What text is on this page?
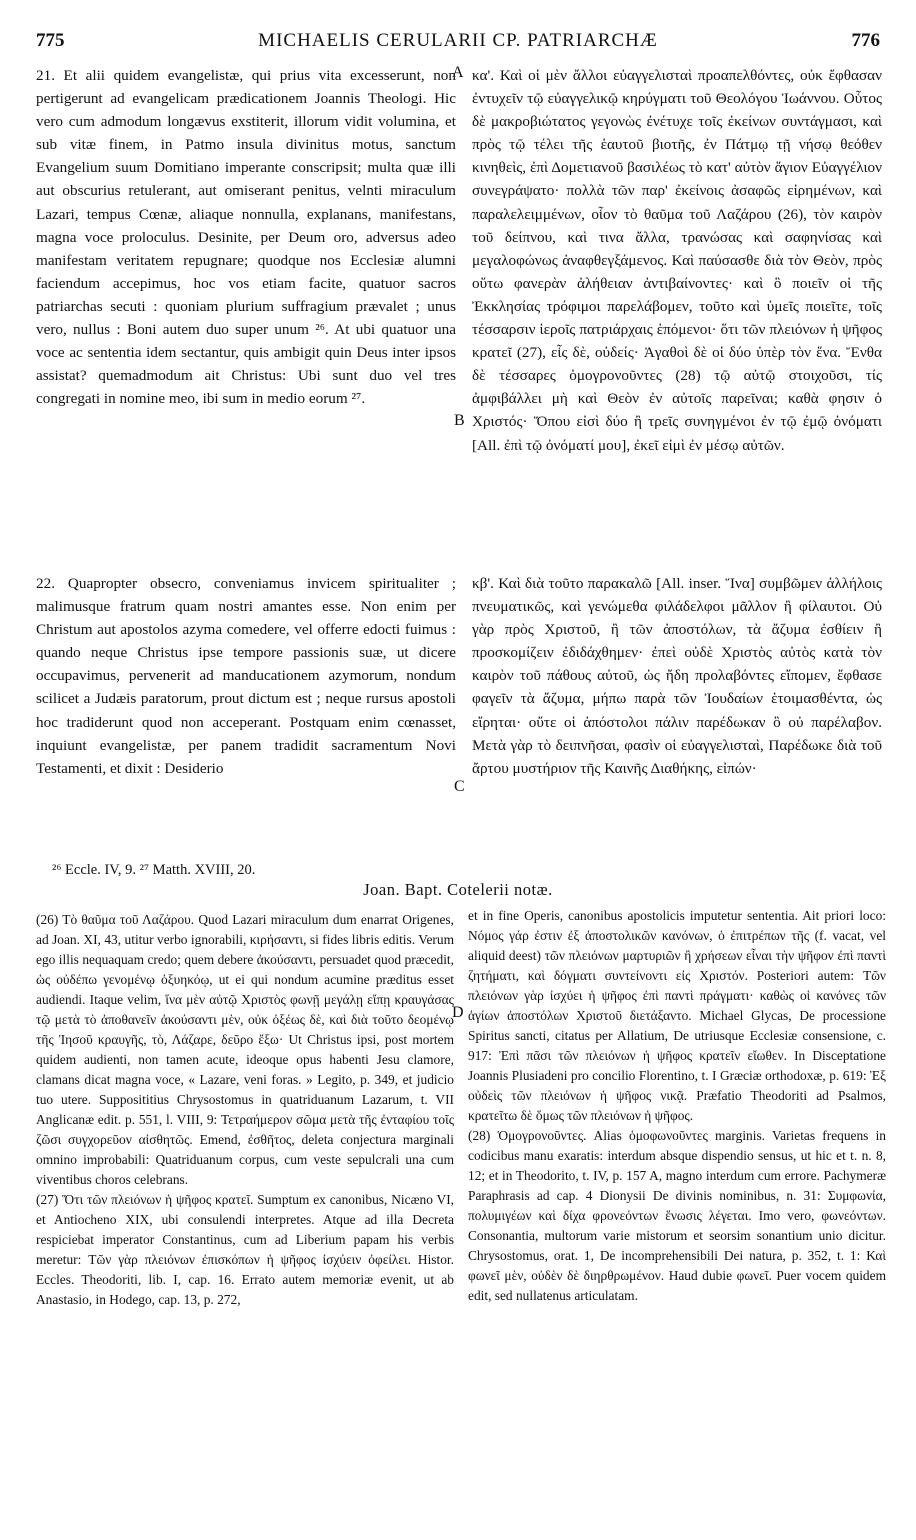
775	MICHAELIS CERULARII CP. PATRIARCHÆ	776

21. Et alii quidem evangelistæ, qui prius vita excesserunt, non pertigerunt ad evangelicam prædicationem Joannis Theologi. Hic vero cum admodum longævus exstiterit, illorum vidit volumina, et sub vitæ finem, in Patmo insula divinitus motus, sanctum Evangelium suum Domitiano imperante conscripsit; multa quæ illi aut obscurius retulerant, aut omiserant penitus, velnti miraculum Lazari, tempus Cœnæ, aliaque nonnulla, explanans, manifestans, magna voce proloculus. Desinite, per Deum oro, adversus adeo manifestam veritatem repugnare; quodque nos Ecclesiæ alumni faciendum accepimus, hoc vos etiam facite, quatuor sacros patriarchas secuti : quoniam plurium suffragium prævalet ; unus vero, nullus : Boni autem duo super unum ²⁶. At ubi quatuor una voce ac sententia idem sectantur, quis ambigit quin Deus inter ipsos assistat? quemadmodum ait Christus: Ubi sunt duo vel tres congregati in nomine meo, ibi sum in medio eorum ²⁷.

22. Quapropter obsecro, conveniamus invicem spiritualiter ; malimusque fratrum quam nostri amantes esse. Non enim per Christum aut apostolos azyma comedere, vel offerre edocti fuimus : quando neque Christus ipse tempore passionis suæ, ut dicere occupavimus, pervenerit ad manducationem azymorum, nondum scilicet a Judæis paratorum, prout dictum est ; neque rursus apostoli hoc tradiderunt quod non acceperant. Postquam enim cœnasset, inquiunt evangelistæ, per panem tradidit sacramentum Novi Testamenti, et dixit : Desiderio

κα'. Καὶ οἱ μὲν ἄλλοι εὐαγγελισταὶ προαπελθόντες, οὐκ ἔφθασαν ἐντυχεῖν τῷ εὐαγγελικῷ κηρύγματι τοῦ Θεολόγου Ἰωάννου. Οὗτος δὲ μακροβιώτατος γεγονὼς ἐνέτυχε τοῖς ἐκείνων συντάγμασι, καὶ πρὸς τῷ τέλει τῆς ἑαυτοῦ βιοτῆς, ἐν Πάτμῳ τῇ νήσῳ θεόθεν κινηθεὶς, ἐπὶ Δομετιανοῦ βασιλέως τὸ κατ' αὐτὸν ἅγιον Εὐαγγέλιον συνεγράψατο· πολλὰ τῶν παρ' ἐκείνοις ἀσαφῶς εἰρημένων, καὶ παραλελειμμένων, οἷον τὸ θαῦμα τοῦ Λαζάρου (26), τὸν καιρὸν τοῦ δείπνου, καὶ τινα ἄλλα, τρανώσας καὶ σαφηνίσας καὶ μεγαλοφώνως ἀναφθεγξάμενος. Καὶ παύσασθε διὰ τὸν Θεὸν, πρὸς οὕτω φανερὰν ἀλήθειαν ἀντιβαίνοντες· καὶ ὃ ποιεῖν οἱ τῆς Ἐκκλησίας τρόφιμοι παρελάβομεν, τοῦτο καὶ ὑμεῖς ποιεῖτε, τοῖς τέσσαρσιν ἱεροῖς πατριάρχαις ἑπόμενοι· ὅτι τῶν πλειόνων ἡ ψῆφος κρατεῖ (27), εἷς δὲ, οὐδείς· Ἀγαθοὶ δὲ οἱ δύο ὑπὲρ τὸν ἕνα. Ἔνθα δὲ τέσσαρες ὁμογρονοῦντες (28) τῷ αὐτῷ στοιχοῦσι, τίς ἀμφιβάλλει μὴ καὶ Θεὸν ἐν αὐτοῖς παρεῖναι; καθὰ φησιν ὁ Χριστός· Ὅπου εἰσὶ δύο ἢ τρεῖς συνηγμένοι ἐν τῷ ἐμῷ ὀνόματι [All. ἐπὶ τῷ ὀνόματί μου], ἐκεῖ εἰμὶ ἐν μέσῳ αὐτῶν.

κβ'. Καὶ διὰ τοῦτο παρακαλῶ [All. inser. Ἵνα] συμβῶμεν ἀλλήλοις πνευματικῶς, καὶ γενώμεθα φιλάδελφοι μᾶλλον ἢ φίλαυτοι. Οὐ γὰρ πρὸς Χριστοῦ, ἢ τῶν ἀποστόλων, τὰ ἄζυμα ἐσθίειν ἢ προσκομίζειν ἐδιδάχθημεν· ἐπεὶ οὐδὲ Χριστὸς αὐτὸς κατὰ τὸν καιρὸν τοῦ πάθους αὐτοῦ, ὡς ἤδη προλαβόντες εἴπομεν, ἔφθασε φαγεῖν τὰ ἄζυμα, μήπω παρὰ τῶν Ἰουδαίων ἑτοιμασθέντα, ὡς εἴρηται· οὔτε οἱ ἀπόστολοι πάλιν παρέδωκαν ὃ οὐ παρέλαβον. Μετὰ γὰρ τὸ δειπνῆσαι, φασὶν οἱ εὐαγγελισταὶ, Παρέδωκε διὰ τοῦ ἄρτου μυστήριον τῆς Καινῆς Διαθήκης, εἰπών·

A
B
C
D
²⁶ Eccle. IV, 9. ²⁷ Matth. XVIII, 20.
Joan. Bapt. Cotelerii notæ.

(26) Τὸ θαῦμα τοῦ Λαζάρου. Quod Lazari miraculum dum enarrat Origenes, ad Joan. XI, 43, utitur verbo ignorabili, κιρήσαντι, si fides libris editis. Verum ego illis nequaquam credo; quem debere ἀκούσαντι, persuadet quod præcedit, ὡς οὐδέπω γενομένῳ ὀξυηκόῳ, ut ei qui nondum acumine præditus esset audiendi. Itaque velim, ἵνα μὲν αὐτῷ Χριστὸς φωνῇ μεγάλῃ εἴπῃ κραυγάσας τῷ μετὰ τὸ ἀποθανεῖν ἀκούσαντι μὲν, οὐκ ὀξέως δὲ, καὶ διὰ τοῦτο δεομένῳ τῆς Ἰησοῦ κραυγῆς, τὸ, Λάζαρε, δεῦρο ἔξω· Ut Christus ipsi, post mortem quidem audienti, non tamen acute, ideoque opus habenti Jesu clamore, clamans dicat magna voce, « Lazare, veni foras. » Legito, p. 349, et judicio tuo utere. Supposititius Chrysostomus in quatriduanum Lazarum, t. VII Anglicanæ edit. p. 551, l. VIII, 9: Τετραήμερον σῶμα μετὰ τῆς ἐνταφίου τοῖς ζῶσι συγχορεῦον αἰσθητῶς. Emend, ἐσθῆτος, deleta conjectura marginali omnino improbabili: Quatriduanum corpus, cum veste sepulcrali una cum viventibus choros celebrans.

(27) Ὅτι τῶν πλειόνων ἡ ψῆφος κρατεῖ. Sumptum ex canonibus, Nicæno VI, et Antiocheno XIX, ubi consulendi interpretes. Atque ad illa Decreta respiciebat imperator Constantinus, cum ad Liberium papam his verbis meretur: Τῶν γὰρ πλειόνων ἐπισκόπων ἡ ψῆφος ἰσχύειν ὀφείλει. Histor. Eccles. Theodoriti, lib. I, cap. 16. Errato autem memoriæ evenit, ut ab Anastasio, in Hodego, cap. 13, p. 272,

et in fine Operis, canonibus apostolicis imputetur sententia. Ait priori loco: Νόμος γάρ ἐστιν ἐξ ἀποστολικῶν κανόνων, ὁ ἐπιτρέπων τῆς (f. vacat, vel aliquid deest) τῶν πλειόνων μαρτυριῶν ἢ χρήσεων εἶναι τὴν ψῆφον ἐπὶ παντὶ ζητήματι, καὶ δόγματι συντείνοντι εἰς Χριστόν. Posteriori autem: Τῶν πλειόνων γὰρ ἰσχύει ἡ ψῆφος ἐπὶ παντὶ πράγματι· καθὼς οἱ κανόνες τῶν ἁγίων ἀποστόλων Χριστοῦ διετάξαντο. Michael Glycas, De processione Spiritus sancti, citatus per Allatium, De utriusque Ecclesiæ consensione, c. 917: Ἐπὶ πᾶσι τῶν πλειόνων ἡ ψῆφος κρατεῖν εἴωθεν. In Disceptatione Joannis Plusiadeni pro concilio Florentino, t. I Græciæ orthodoxæ, p. 619: Ἐξ οὐδεὶς τῶν πλειόνων ἡ ψῆφος νικᾷ. Præfatio Theodoriti ad Psalmos, κρατεῖτω δὲ ὅμως τῶν πλειόνων ἡ ψῆφος.

(28) Ὁμογρονοῦντες. Alias ὁμοφωνοῦντες marginis. Varietas frequens in codicibus manu exaratis: interdum absque dispendio sensus, ut hic et t. n. 8, 12; et in Theodorito, t. IV, p. 157 A, magno interdum cum errore. Pachymeræ Paraphrasis ad cap. 4 Dionysii De divinis nominibus, n. 31: Συμφωνία, πολυμιγέων καὶ δίχα φρονεόντων ἕνωσις λέγεται. Imo vero, φωνεόντων. Consonantia, multorum varie mistorum et seorsim sonantium unio dicitur. Chrysostomus, orat. 1, De incomprehensibili Dei natura, p. 352, t. 1: Καὶ φωνεῖ μὲν, οὐδὲν δὲ διηρθρωμένον. Haud dubie φωνεῖ. Puer vocem quidem edit, sed nullatenus articulatam.
